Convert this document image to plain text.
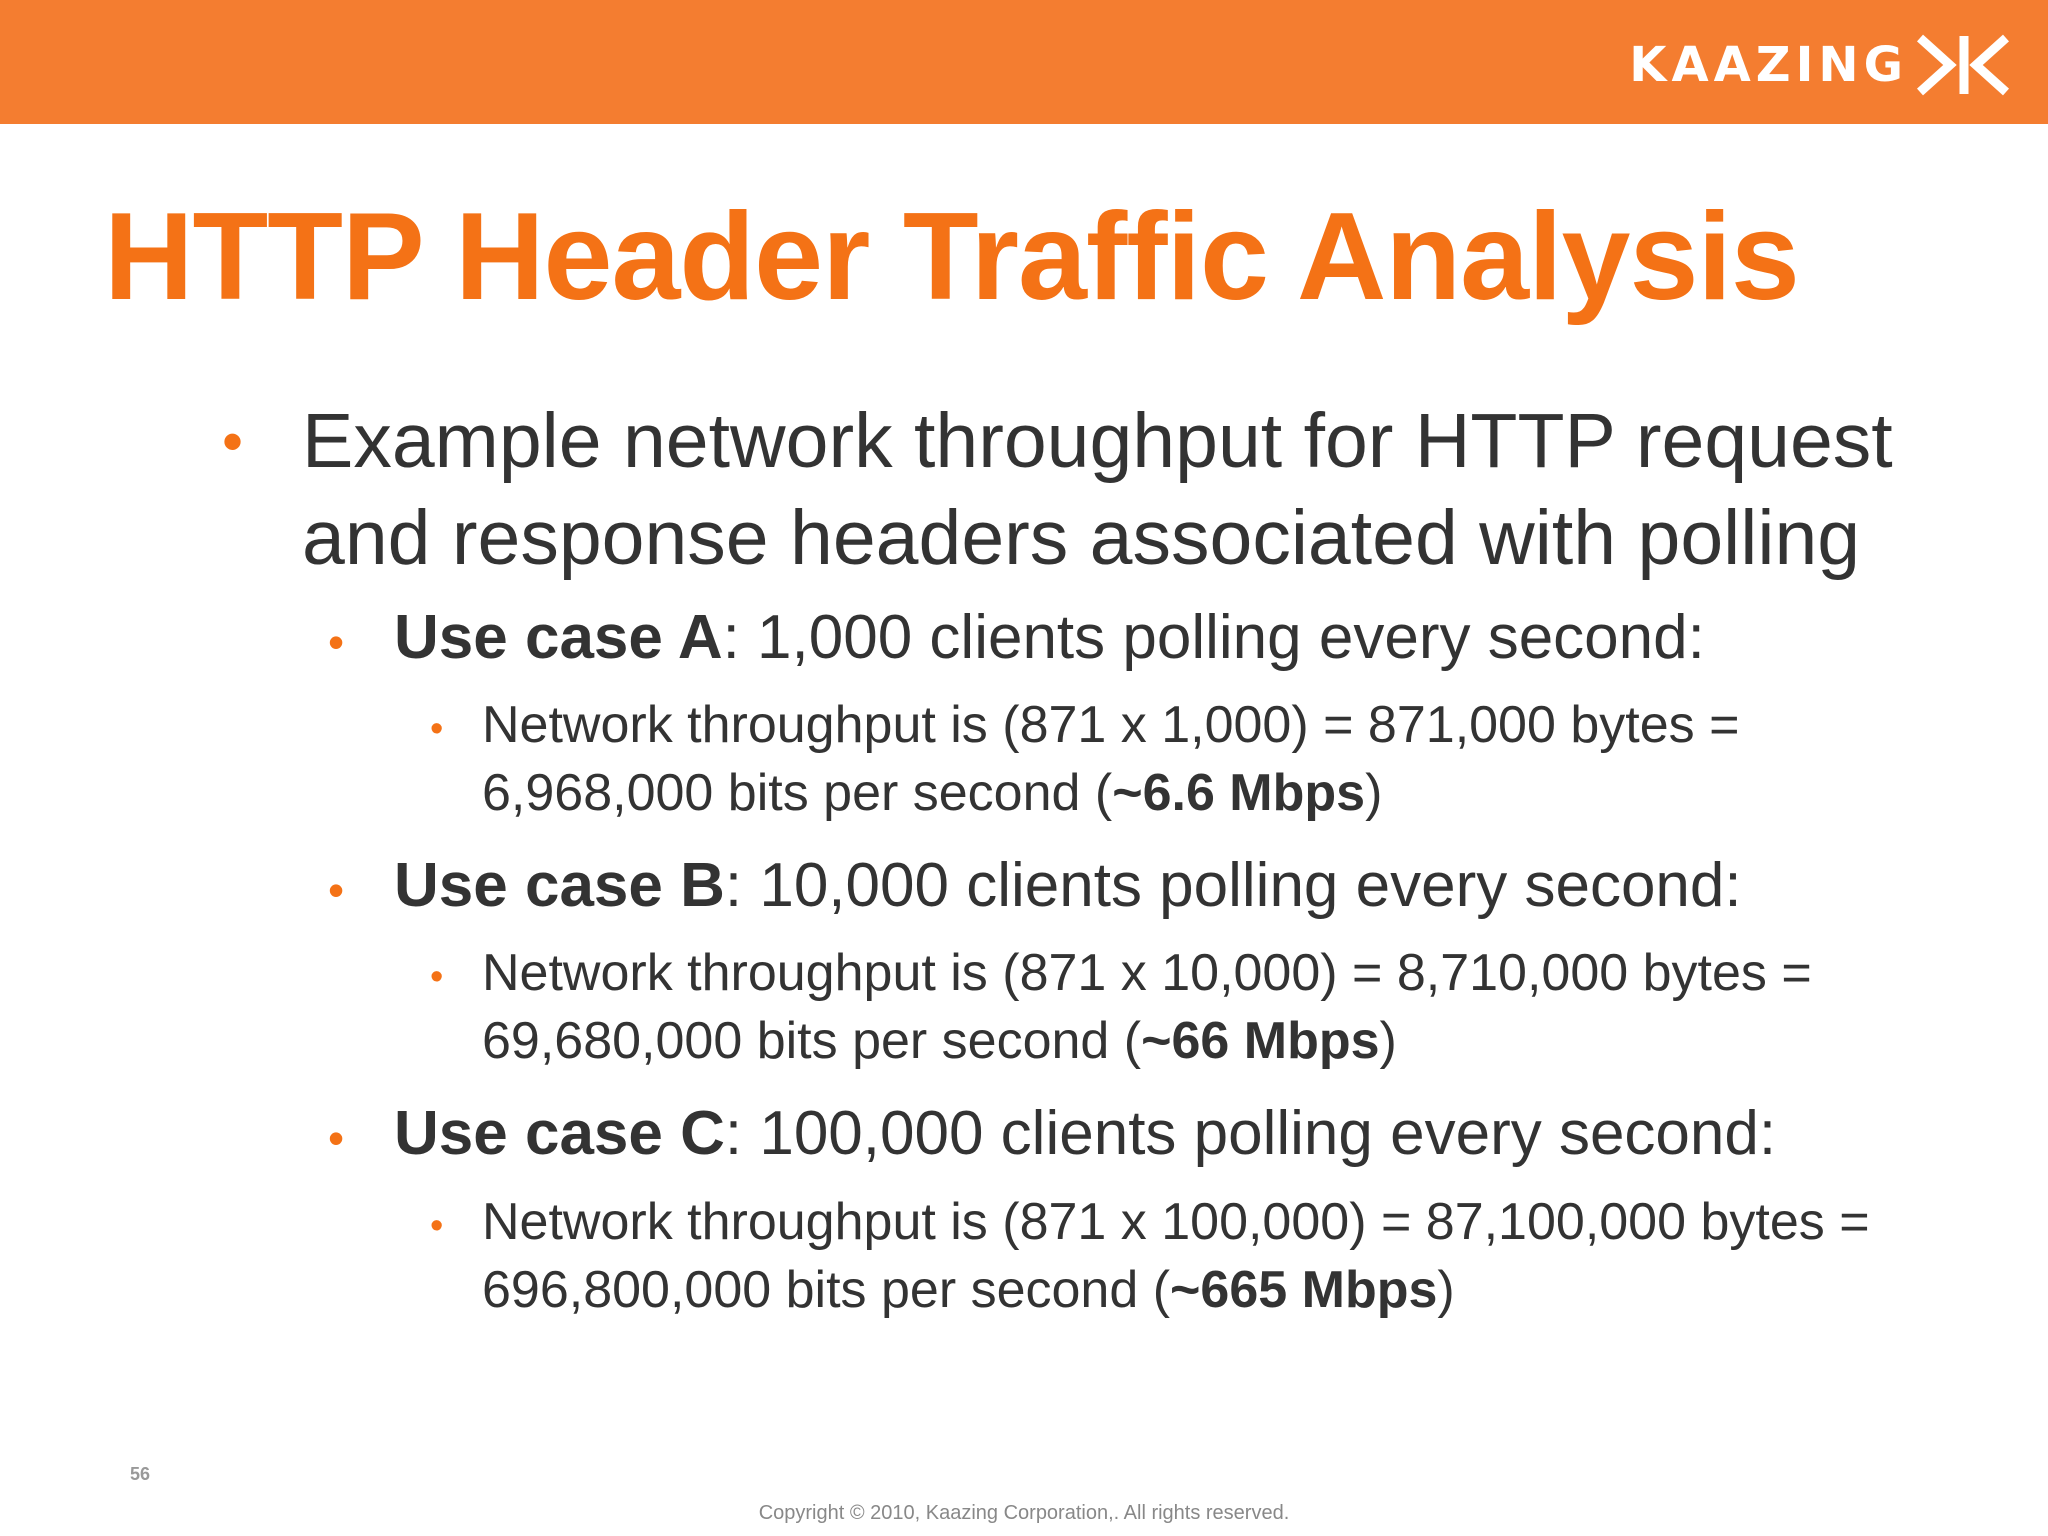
KAAZING
HTTP Header Traffic Analysis
• Example network throughput for HTTP request
and response headers associated with polling
• Use case A: 1,000 clients polling every second:
• Network throughput is (871 x 1,000) = 871,000 bytes =
6,968,000 bits per second (~6.6 Mbps)
• Use case B: 10,000 clients polling every second:
• Network throughput is (871 x 10,000) = 8,710,000 bytes =
69,680,000 bits per second (~66 Mbps)
• Use case C: 100,000 clients polling every second:
• Network throughput is (871 x 100,000) = 87,100,000 bytes =
696,800,000 bits per second (~665 Mbps)
56
Copyright © 2010, Kaazing Corporation,. All rights reserved.
